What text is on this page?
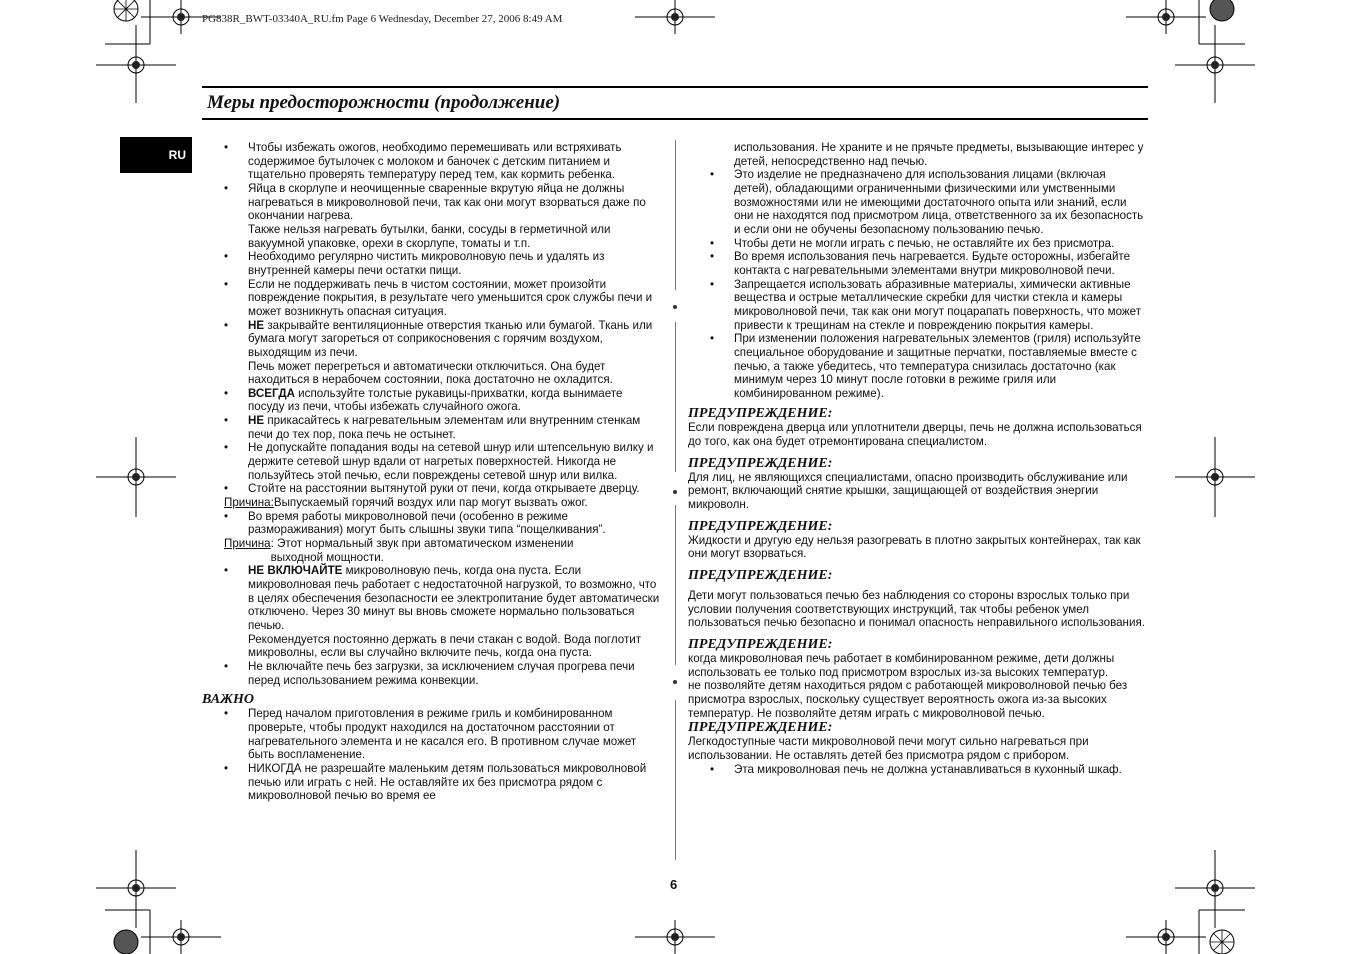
PG838R_BWT-03340A_RU.fm Page 6 Wednesday, December 27, 2006 8:49 AM
Меры предосторожности (продолжение)
RU

• Чтобы избежать ожогов, необходимо перемешивать или встряхивать содержимое бутылочек с молоком и баночек с детским питанием и тщательно проверять температуру перед тем, как кормить ребенка.

• Яйца в скорлупе и неочищенные сваренные вкрутую яйца не должны нагреваться в микроволновой печи, так как они могут взорваться даже по окончании нагрева.

Также нельзя нагревать бутылки, банки, сосуды в герметичной или вакуумной упаковке, орехи в скорлупе, томаты и т.п.

• Необходимо регулярно чистить микроволновую печь и удалять из внутренней камеры печи остатки пищи.

• Если не поддерживать печь в чистом состоянии, может произойти повреждение покрытия, в результате чего уменьшится срок службы печи и может возникнуть опасная ситуация.

• НЕ закрывайте вентиляционные отверстия тканью или бумагой. Ткань или бумага могут загореться от соприкосновения с горячим воздухом, выходящим из печи.

Печь может перегреться и автоматически отключиться. Она будет находиться в нерабочем состоянии, пока достаточно не охладится.

• ВСЕГДА используйте толстые рукавицы-прихватки, когда вынимаете посуду из печи, чтобы избежать случайного ожога.

• НЕ прикасайтесь к нагревательным элементам или внутренним стенкам печи до тех пор, пока печь не остынет.

• Не допускайте попадания воды на сетевой шнур или штепсельную вилку и держите сетевой шнур вдали от нагретых поверхностей. Никогда не пользуйтесь этой печью, если повреждены сетевой шнур или вилка.

• Стойте на расстоянии вытянутой руки от печи, когда открываете дверцу.

Причина: Выпускаемый горячий воздух или пар могут вызвать ожог.

• Во время работы микроволновой печи (особенно в режиме размораживания) могут быть слышны звуки типа “пощелкивания”.

Причина : Этот нормальный звук при автоматическом изменении выходной мощности.

• НЕ ВКЛЮЧАЙТЕ микроволновую печь, когда она пуста. Если микроволновая печь работает с недостаточной нагрузкой, то возможно, что в целях обеспечения безопасности ее электропитание будет автоматически отключено. Через 30 минут вы вновь сможете нормально пользоваться печью.

Рекомендуется постоянно держать в печи стакан с водой. Вода поглотит микроволны, если вы случайно включите печь, когда она пуста.

• Не включайте печь без загрузки, за исключением случая прогрева печи перед использованием режима конвекции.

ВАЖНО

• Перед началом приготовления в режиме гриль и комбинированном проверьте, чтобы продукт находился на достаточном расстоянии от нагревательного элемента и не касался его. В противном случае может быть воспламенение.

• НИКОГДА не разрешайте маленьким детям пользоваться микроволновой печью или играть с ней. Не оставляйте их без присмотра рядом с микроволновой печью во время ее

использования. Не храните и не прячьте предметы, вызывающие интерес у детей, непосредственно над печью.

• Это изделие не предназначено для использования лицами (включая детей), обладающими ограниченными физическими или умственными возможностями или не имеющими достаточного опыта или знаний, если они не находятся под присмотром лица, ответственного за их безопасность и если они не обучены безопасному пользованию печью.

• Чтобы дети не могли играть с печью, не оставляйте их без присмотра.

• Во время использования печь нагревается. Будьте осторожны, избегайте контакта с нагревательными элементами внутри микроволновой печи.

• Запрещается использовать абразивные материалы, химически активные вещества и острые металлические скребки для чистки стекла и камеры микроволновой печи, так как они могут поцарапать поверхность, что может привести к трещинам на стекле и повреждению покрытия камеры.

• При изменении положения нагревательных элементов (гриля) используйте специальное оборудование и защитные перчатки, поставляемые вместе с печью, а также убедитесь, что температура снизилась достаточно (как минимум через 10 минут после готовки в режиме гриля или комбинированном режиме).

ПРЕДУПРЕЖДЕНИЕ:

Если повреждена дверца или уплотнители дверцы, печь не должна использоваться до того, как она будет отремонтирована специалистом.

ПРЕДУПРЕЖДЕНИЕ:

Для лиц, не являющихся специалистами, опасно производить обслуживание или ремонт, включающий снятие крышки, защищающей от воздействия энергии микроволн.

ПРЕДУПРЕЖДЕНИЕ:

Жидкости и другую еду нельзя разогревать в плотно закрытых контейнерах, так как они могут взорваться.

ПРЕДУПРЕЖДЕНИЕ:

Дети могут пользоваться печью без наблюдения со стороны взрослых только при условии получения соответствующих инструкций, так чтобы ребенок умел пользоваться печью безопасно и понимал опасность неправильного использования.

ПРЕДУПРЕЖДЕНИЕ:

когда микроволновая печь работает в комбинированном режиме, дети должны использовать ее только под присмотром взрослых из-за высоких температур.

не позволяйте детям находиться рядом с работающей микроволновой печью без присмотра взрослых, поскольку существует вероятность ожога из-за высоких температур. Не позволяйте детям играть с микроволновой печью.

ПРЕДУПРЕЖДЕНИЕ:

Легкодоступные части микроволновой печи могут сильно нагреваться при использовании. Не оставлять детей без присмотра рядом с прибором.

• Эта микроволновая печь не должна устанавливаться в кухонный шкаф.

6
